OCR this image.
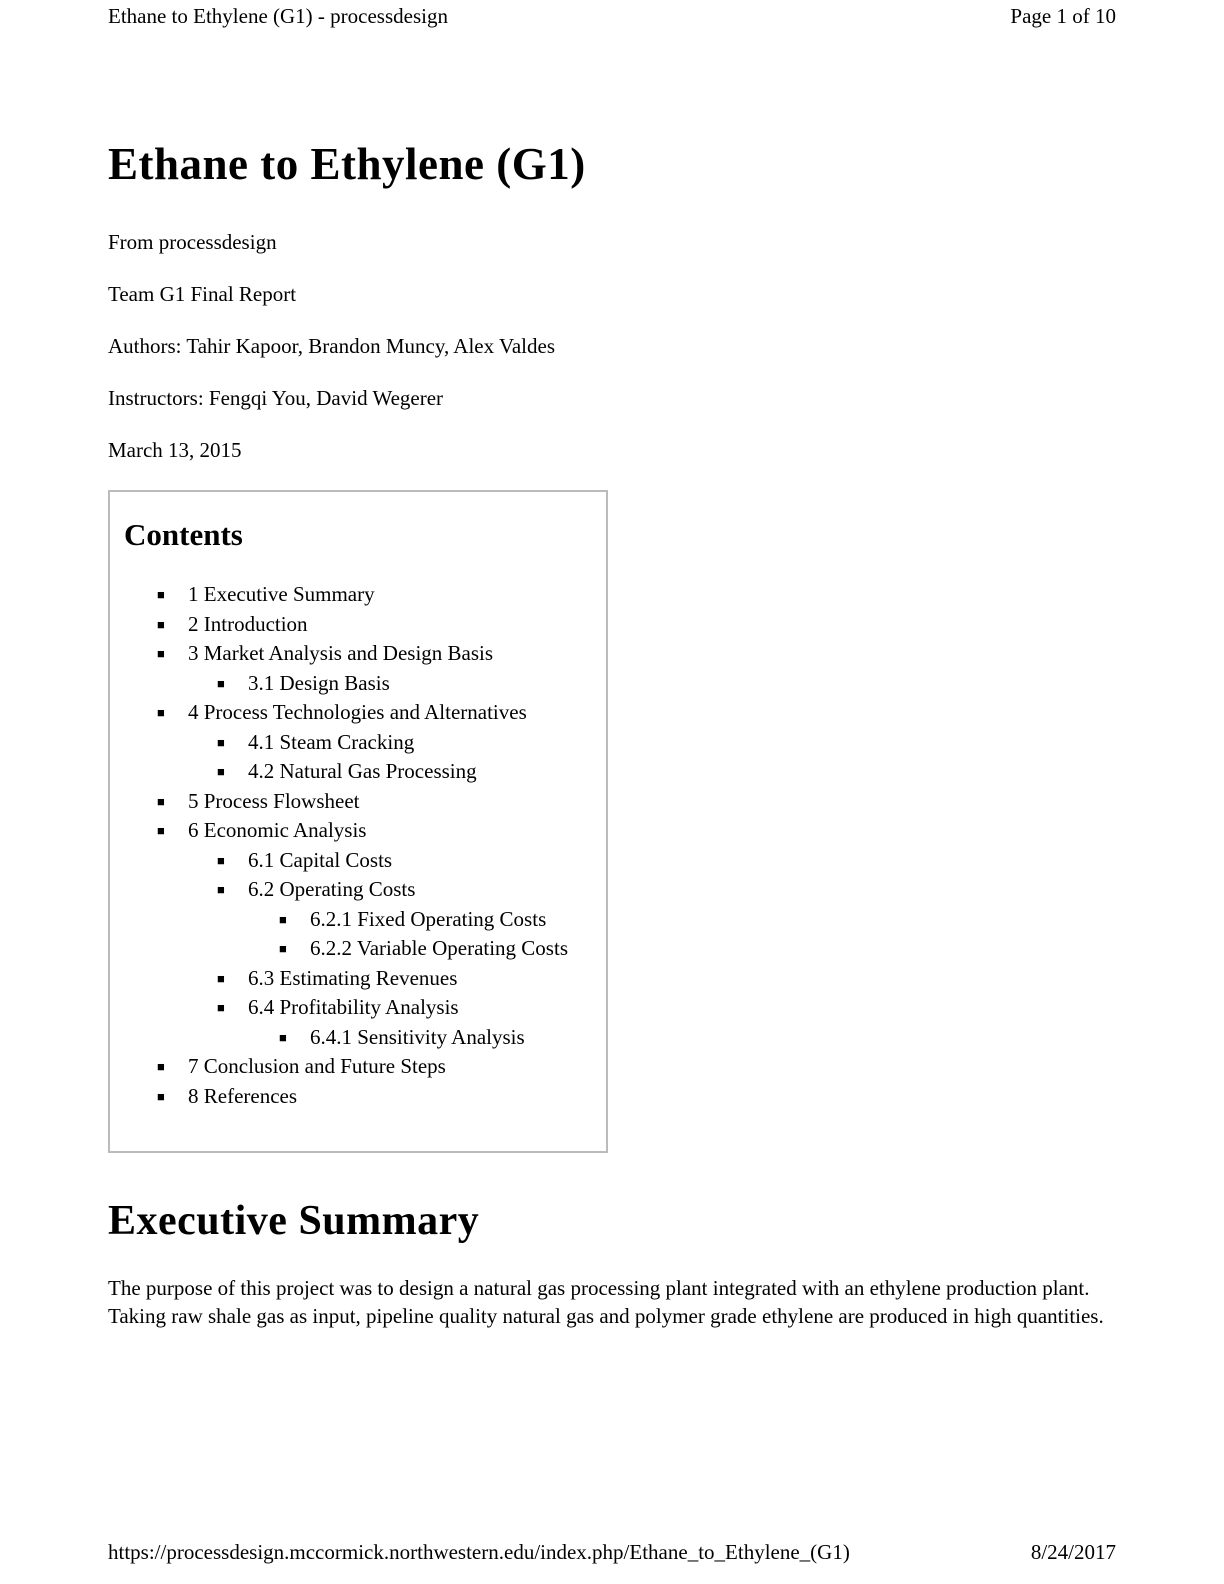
Ethane to Ethylene (G1) - processdesign	Page 1 of 10
Ethane to Ethylene (G1)

From processdesign

Team G1 Final Report

Authors: Tahir Kapoor, Brandon Muncy, Alex Valdes

Instructors: Fengqi You, David Wegerer

March 13, 2015

Contents
■ 1 Executive Summary
■ 2 Introduction
■ 3 Market Analysis and Design Basis
■ 3.1 Design Basis
■ 4 Process Technologies and Alternatives
■ 4.1 Steam Cracking
■ 4.2 Natural Gas Processing
■ 5 Process Flowsheet
■ 6 Economic Analysis
■ 6.1 Capital Costs
■ 6.2 Operating Costs
■ 6.2.1 Fixed Operating Costs
■ 6.2.2 Variable Operating Costs
■ 6.3 Estimating Revenues
■ 6.4 Profitability Analysis
■ 6.4.1 Sensitivity Analysis
■ 7 Conclusion and Future Steps
■ 8 References
Executive Summary

The purpose of this project was to design a natural gas processing plant integrated with an ethylene production plant. Taking raw shale gas as input, pipeline quality natural gas and polymer grade ethylene are produced in high quantities.

https://processdesign.mccormick.northwestern.edu/index.php/Ethane_to_Ethylene_(G1)	8/24/2017
